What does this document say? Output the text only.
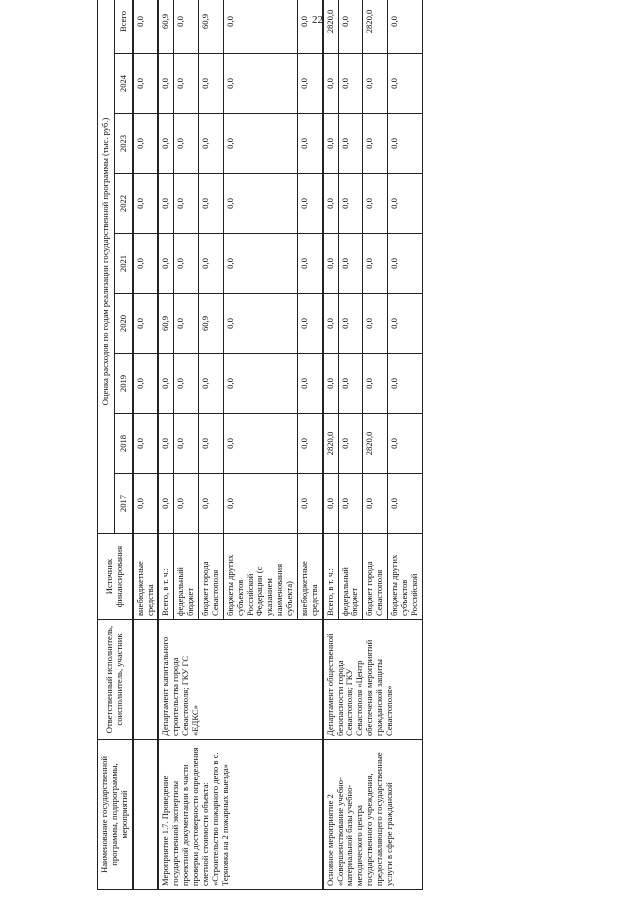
22
Наименование государственной программы, подпрограммы, мероприятий	Ответственный исполнитель, соисполнитель, участник	Источник финансирования	Оценка расходов по годам реализации государственной программы (тыс. руб.)								
			2017	2018	2019	2020	2021	2022	2023	2024	Всего
		внебюджетные средства	0,0	0,0	0,0	0,0	0,0	0,0	0,0	0,0	0,0
Мероприятие 1.7. Проведение государственной экспертизы проектной документации в части проверки достоверности определения сметной стоимости объекта: «Строительство пожарного депо в с. Терновка на 2 пожарных выезда»	Департамент капитального строительства города Севастополя; ГКУ ГС «ЕДКС»	Всего, в т. ч.:	0,0	0,0	0,0	60,9	0,0	0,0	0,0	0,0	60,9
		федеральный бюджет	0,0	0,0	0,0	0,0	0,0	0,0	0,0	0,0	0,0
		бюджет города Севастополя	0,0	0,0	0,0	60,9	0,0	0,0	0,0	0,0	60,9
		бюджеты других субъектов Российской Федерации (с указанием наименования субъекта)	0,0	0,0	0,0	0,0	0,0	0,0	0,0	0,0	0,0
		внебюджетные средства	0,0	0,0	0,0	0,0	0,0	0,0	0,0	0,0	0,0
Основное мероприятие 2 «Совершенствование учебно-материальной базы учебно-методического центра государственного учреждения, предоставляющего государственные услуги в сфере гражданской	Департамент общественной безопасности города Севастополя; ГКУ Севастополя «Центр обеспечения мероприятий гражданской защиты Севастополя»	Всего, в т. ч.:	0,0	2820,0	0,0	0,0	0,0	0,0	0,0	0,0	2820,0
		федеральный бюджет	0,0	0,0	0,0	0,0	0,0	0,0	0,0	0,0	0,0
		бюджет города Севастополя	0,0	2820,0	0,0	0,0	0,0	0,0	0,0	0,0	2820,0
		бюджеты других субъектов Российской	0,0	0,0	0,0	0,0	0,0	0,0	0,0	0,0	0,0
